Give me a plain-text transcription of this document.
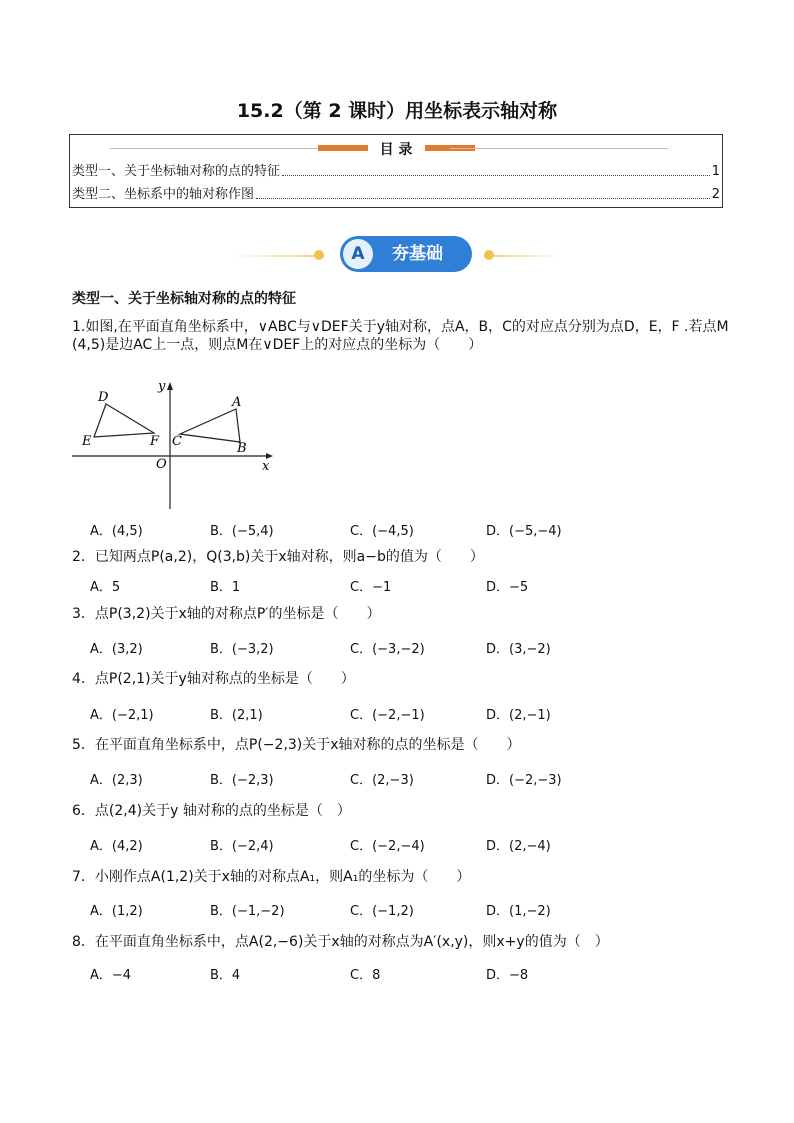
15.2（第 2 课时）用坐标表示轴对称
目 录
类型一、关于坐标轴对称的点的特征	1
类型二、坐标系中的轴对称作图	2
A	夯基础
类型一、关于坐标轴对称的点的特征
1.如图,在平面直角坐标系中，∨ABC与∨DEF关于y轴对称，点A，B，C的对应点分别为点D，E，F .若点M (4,5)是边AC上一点，则点M在∨DEF上的对应点的坐标为（　　）
D
E	F
A
C	B
O	x
y
A．(4,5)	B．(−5,4)	C．(−4,5)	D．(−5,−4)
2．已知两点P(a,2)，Q(3,b)关于x轴对称，则a−b的值为（　　）
A．5	B．1	C．−1	D．−5
3．点P(3,2)关于x轴的对称点P′的坐标是（　　）
A．(3,2)	B．(−3,2)	C．(−3,−2)	D．(3,−2)
4．点P(2,1)关于y轴对称点的坐标是（　　）
A．(−2,1)	B．(2,1)	C．(−2,−1)	D．(2,−1)
5．在平面直角坐标系中，点P(−2,3)关于x轴对称的点的坐标是（　　）
A．(2,3)	B．(−2,3)	C．(2,−3)	D．(−2,−3)
6．点(2,4)关于y 轴对称的点的坐标是（　）
A．(4,2)	B．(−2,4)	C．(−2,−4)	D．(2,−4)
7．小刚作点A(1,2)关于x轴的对称点A₁，则A₁的坐标为（　　）
A．(1,2)	B．(−1,−2)	C．(−1,2)	D．(1,−2)
8．在平面直角坐标系中，点A(2,−6)关于x轴的对称点为A′(x,y)，则x+y的值为（　）
A．−4	B．4	C．8	D．−8
